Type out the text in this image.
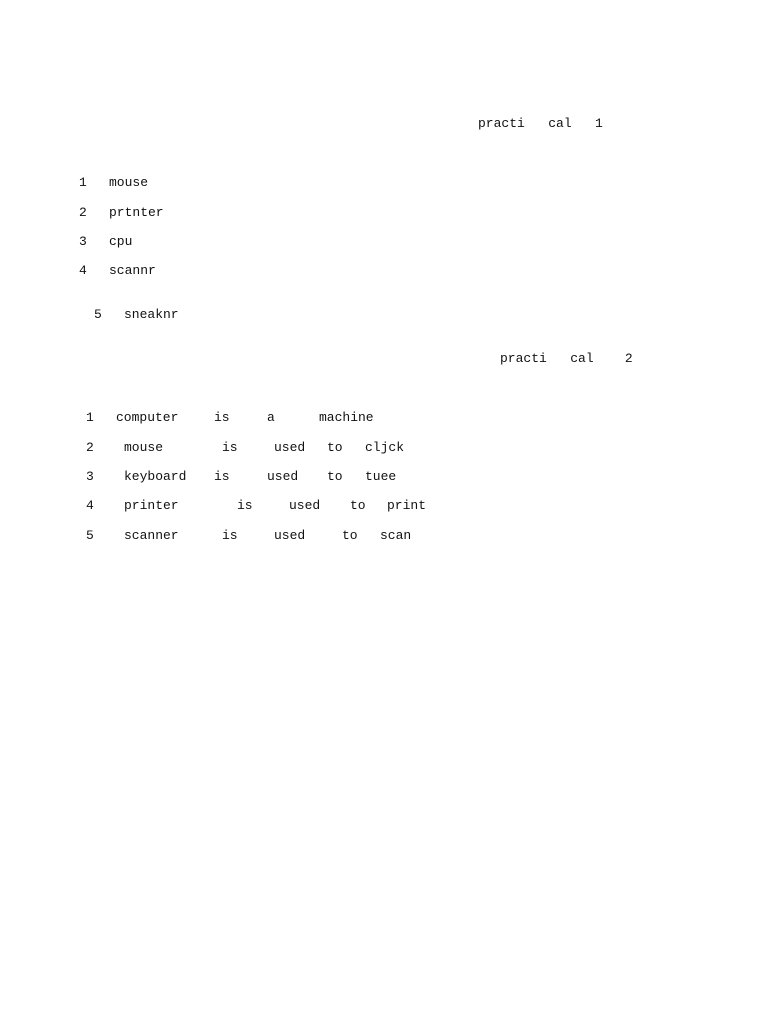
practi   cal   1
1 mouse
2 prtnter
3 cpu
4 scannr
5 sneaknr
practi   cal    2
1 computer	is	a	machine
2 mouse	is	used to cljck
3 keyboard is	used to tuee
4 printer	is	used to print
5 scanner	is	used	to scan
